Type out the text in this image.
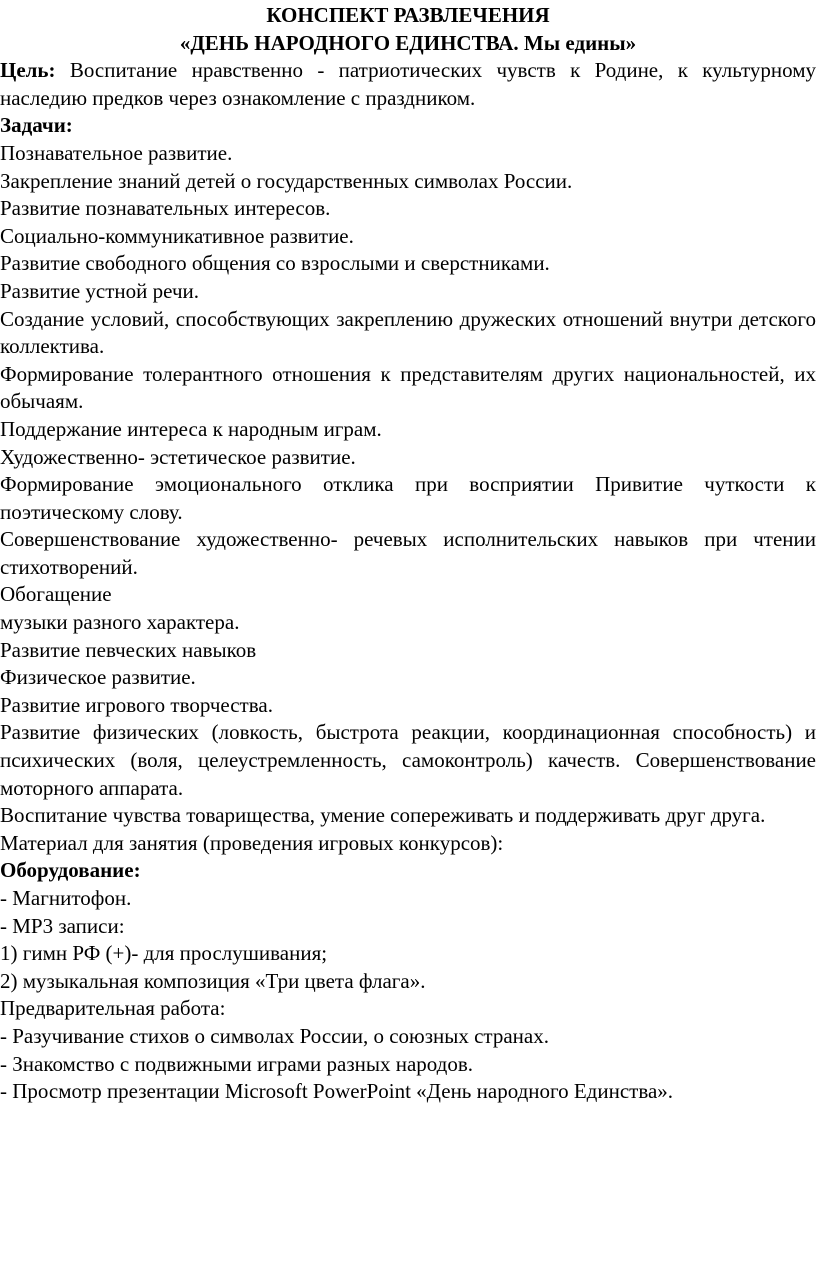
КОНСПЕКТ РАЗВЛЕЧЕНИЯ

«ДЕНЬ НАРОДНОГО ЕДИНСТВА. Мы едины»

Цель: Воспитание нравственно - патриотических чувств к Родине, к культурному наследию предков через ознакомление с праздником.

Задачи:

Познавательное развитие.

Закрепление знаний детей о государственных символах России.

Развитие познавательных интересов.

Социально-коммуникативное развитие.

Развитие свободного общения со взрослыми и сверстниками.

Развитие устной речи.

Создание условий, способствующих закреплению дружеских отношений внутри детского коллектива.

Формирование толерантного отношения к представителям других национальностей, их обычаям.

Поддержание интереса к народным играм.

Художественно- эстетическое развитие.

Формирование эмоционального отклика при восприятии Привитие чуткости к поэтическому слову.

Совершенствование художественно- речевых исполнительских навыков при чтении стихотворений.

Обогащение

музыки разного характера.

Развитие певческих навыков

Физическое развитие.

Развитие игрового творчества.

Развитие физических (ловкость, быстрота реакции, координационная способность) и психических (воля, целеустремленность, самоконтроль) качеств. Совершенствование моторного аппарата.

Воспитание чувства товарищества, умение сопереживать и поддерживать друг друга.

Материал для занятия (проведения игровых конкурсов):

Оборудование:

- Магнитофон.

- MP3 записи:

1) гимн РФ (+)- для прослушивания;

2) музыкальная композиция «Три цвета флага».

Предварительная работа:

- Разучивание стихов о символах России, о союзных странах.

- Знакомство с подвижными играми разных народов.

- Просмотр презентации Microsoft PowerPoint «День народного Единства».
